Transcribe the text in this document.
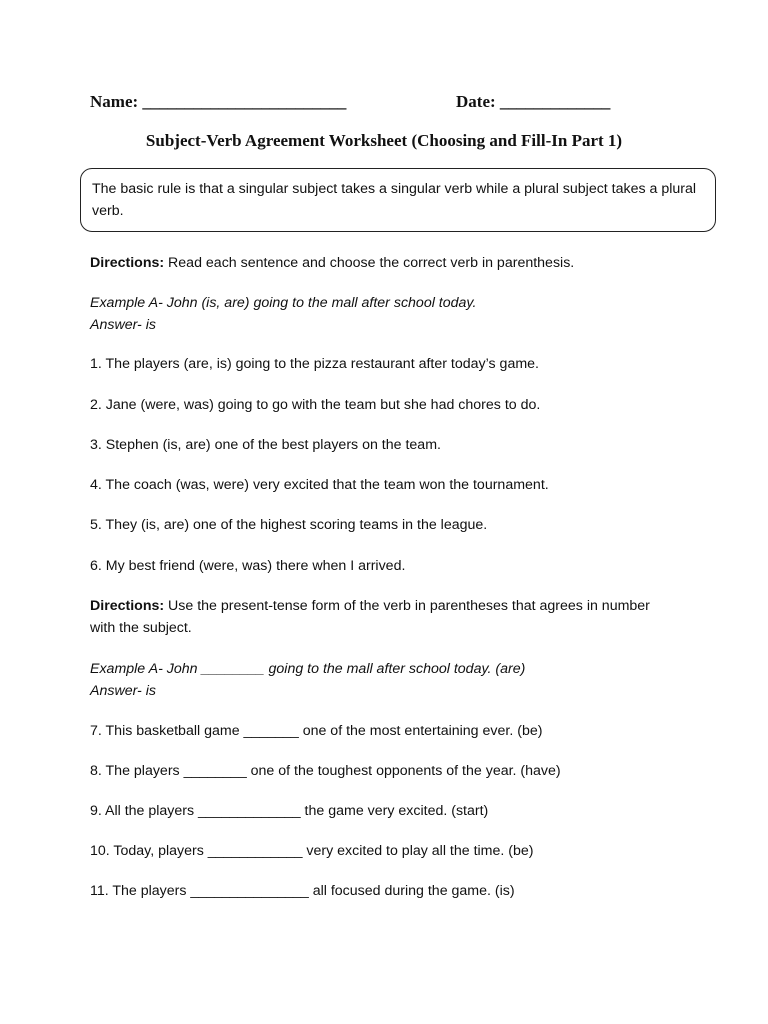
Name: ________________________	Date: _____________
Subject-Verb Agreement Worksheet (Choosing and Fill-In Part 1)
The basic rule is that a singular subject takes a singular verb while a plural subject takes a plural verb.
Directions: Read each sentence and choose the correct verb in parenthesis.
Example A- John (is, are) going to the mall after school today.
Answer- is
1. The players (are, is) going to the pizza restaurant after today’s game.
2. Jane (were, was) going to go with the team but she had chores to do.
3. Stephen (is, are) one of the best players on the team.
4. The coach (was, were) very excited that the team won the tournament.
5. They (is, are) one of the highest scoring teams in the league.
6. My best friend (were, was) there when I arrived.
Directions: Use the present-tense form of the verb in parentheses that agrees in number with the subject.
Example A- John ________ going to the mall after school today. (are)
Answer- is
7. This basketball game _______ one of the most entertaining ever. (be)
8. The players ________ one of the toughest opponents of the year. (have)
9. All the players _____________ the game very excited. (start)
10. Today, players ____________ very excited to play all the time. (be)
11. The players _______________ all focused during the game. (is)
